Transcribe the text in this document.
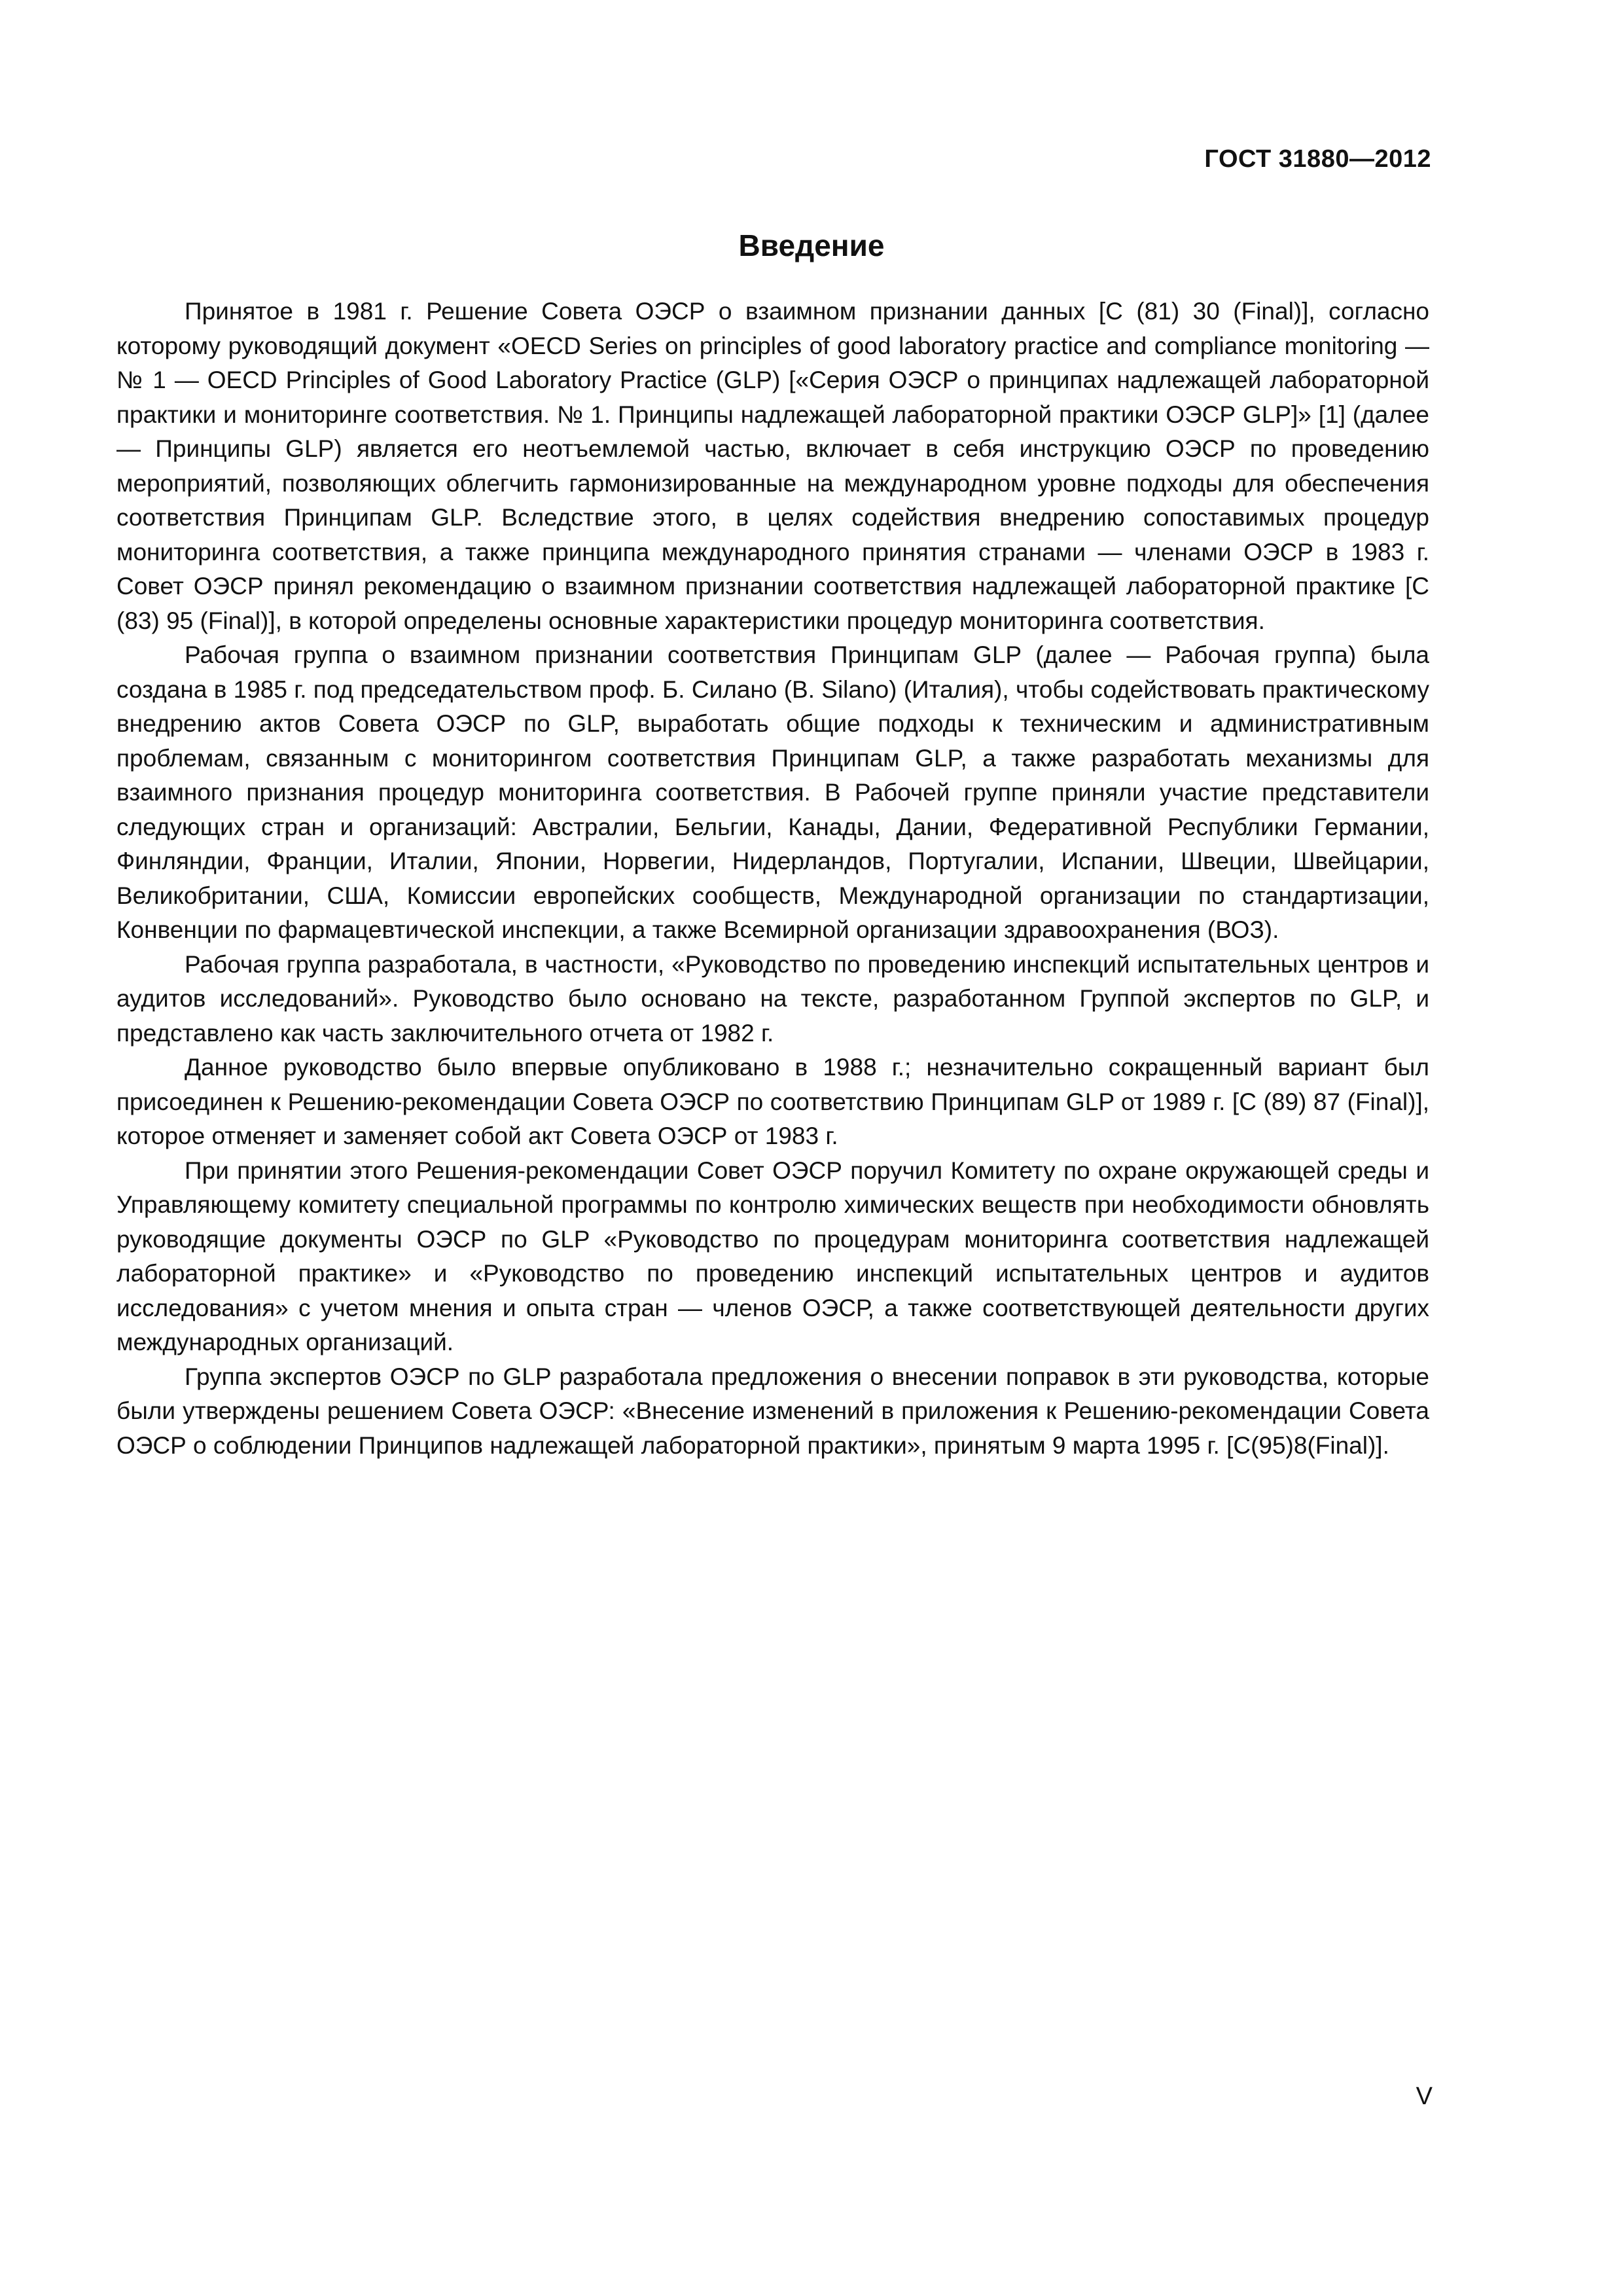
ГОСТ 31880—2012
Введение

Принятое в 1981 г. Решение Совета ОЭСР о взаимном признании данных [С (81) 30 (Final)], согласно которому руководящий документ «OECD Series on principles of good laboratory practice and compliance monitoring — № 1 — OECD Principles of Good Laboratory Practice (GLP) [«Серия ОЭСР о принципах надлежащей лабораторной практики и мониторинге соответствия. № 1. Принципы надлежащей лабораторной практики ОЭСР GLP]» [1] (далее — Принципы GLP) является его неотъемлемой частью, включает в себя инструкцию ОЭСР по проведению мероприятий, позволяющих облегчить гармонизированные на международном уровне подходы для обеспечения соответствия Принципам GLP. Вследствие этого, в целях содействия внедрению сопоставимых процедур мониторинга соответствия, а также принципа международного принятия странами — членами ОЭСР в 1983 г. Совет ОЭСР принял рекомендацию о взаимном признании соответствия надлежащей лабораторной практике [С (83) 95 (Final)], в которой определены основные характеристики процедур мониторинга соответствия.

Рабочая группа о взаимном признании соответствия Принципам GLP (далее — Рабочая группа) была создана в 1985 г. под председательством проф. Б. Силано (В. Silano) (Италия), чтобы содействовать практическому внедрению актов Совета ОЭСР по GLP, выработать общие подходы к техническим и административным проблемам, связанным с мониторингом соответствия Принципам GLP, а также разработать механизмы для взаимного признания процедур мониторинга соответствия. В Рабочей группе приняли участие представители следующих стран и организаций: Австралии, Бельгии, Канады, Дании, Федеративной Республики Германии, Финляндии, Франции, Италии, Японии, Норвегии, Нидерландов, Португалии, Испании, Швеции, Швейцарии, Великобритании, США, Комиссии европейских сообществ, Международной организации по стандартизации, Конвенции по фармацевтической инспекции, а также Всемирной организации здравоохранения (ВОЗ).

Рабочая группа разработала, в частности, «Руководство по проведению инспекций испытательных центров и аудитов исследований». Руководство было основано на тексте, разработанном Группой экспертов по GLP, и представлено как часть заключительного отчета от 1982 г.

Данное руководство было впервые опубликовано в 1988 г.; незначительно сокращенный вариант был присоединен к Решению-рекомендации Совета ОЭСР по соответствию Принципам GLP от 1989 г. [С (89) 87 (Final)], которое отменяет и заменяет собой акт Совета ОЭСР от 1983 г.

При принятии этого Решения-рекомендации Совет ОЭСР поручил Комитету по охране окружающей среды и Управляющему комитету специальной программы по контролю химических веществ при необходимости обновлять руководящие документы ОЭСР по GLP «Руководство по процедурам мониторинга соответствия надлежащей лабораторной практике» и «Руководство по проведению инспекций испытательных центров и аудитов исследования» с учетом мнения и опыта стран — членов ОЭСР, а также соответствующей деятельности других международных организаций.

Группа экспертов ОЭСР по GLP разработала предложения о внесении поправок в эти руководства, которые были утверждены решением Совета ОЭСР: «Внесение изменений в приложения к Решению-рекомендации Совета ОЭСР о соблюдении Принципов надлежащей лабораторной практики», принятым 9 марта 1995 г. [С(95)8(Final)].

V
